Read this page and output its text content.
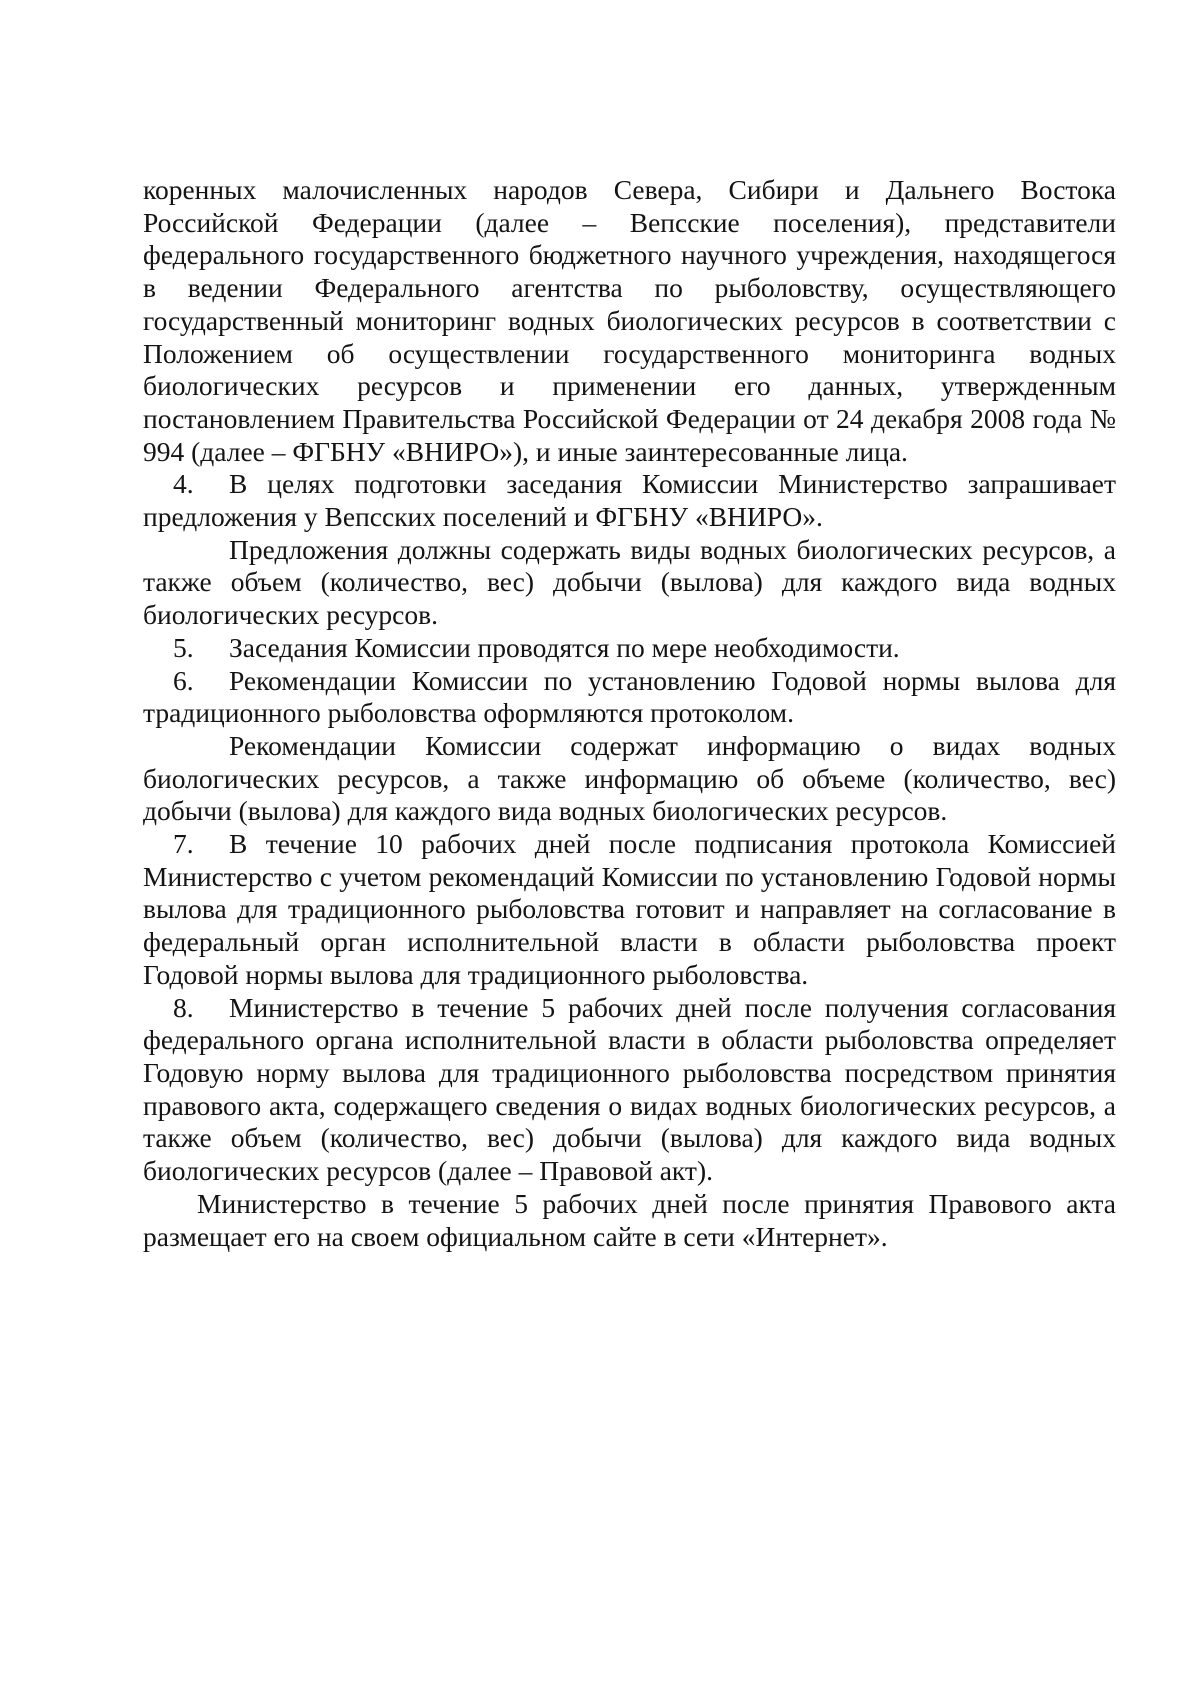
коренных малочисленных народов Севера, Сибири и Дальнего Востока Российской Федерации (далее – Вепсские поселения), представители федерального государственного бюджетного научного учреждения, находящегося в ведении Федерального агентства по рыболовству, осуществляющего государственный мониторинг водных биологических ресурсов в соответствии с Положением об осуществлении государственного мониторинга водных биологических ресурсов и применении его данных, утвержденным постановлением Правительства Российской Федерации от 24 декабря 2008 года № 994 (далее – ФГБНУ «ВНИРО»), и иные заинтересованные лица.

4. В целях подготовки заседания Комиссии Министерство запрашивает предложения у Вепсских поселений и ФГБНУ «ВНИРО».

Предложения должны содержать виды водных биологических ресурсов, а также объем (количество, вес) добычи (вылова) для каждого вида водных биологических ресурсов.

5. Заседания Комиссии проводятся по мере необходимости.

6. Рекомендации Комиссии по установлению Годовой нормы вылова для традиционного рыболовства оформляются протоколом.

Рекомендации Комиссии содержат информацию о видах водных биологических ресурсов, а также информацию об объеме (количество, вес) добычи (вылова) для каждого вида водных биологических ресурсов.

7. В течение 10 рабочих дней после подписания протокола Комиссией Министерство с учетом рекомендаций Комиссии по установлению Годовой нормы вылова для традиционного рыболовства готовит и направляет на согласование в федеральный орган исполнительной власти в области рыболовства проект Годовой нормы вылова для традиционного рыболовства.

8. Министерство в течение 5 рабочих дней после получения согласования федерального органа исполнительной власти в области рыболовства определяет Годовую норму вылова для традиционного рыболовства посредством принятия правового акта, содержащего сведения о видах водных биологических ресурсов, а также объем (количество, вес) добычи (вылова) для каждого вида водных биологических ресурсов (далее – Правовой акт).

Министерство в течение 5 рабочих дней после принятия Правового акта размещает его на своем официальном сайте в сети «Интернет».
